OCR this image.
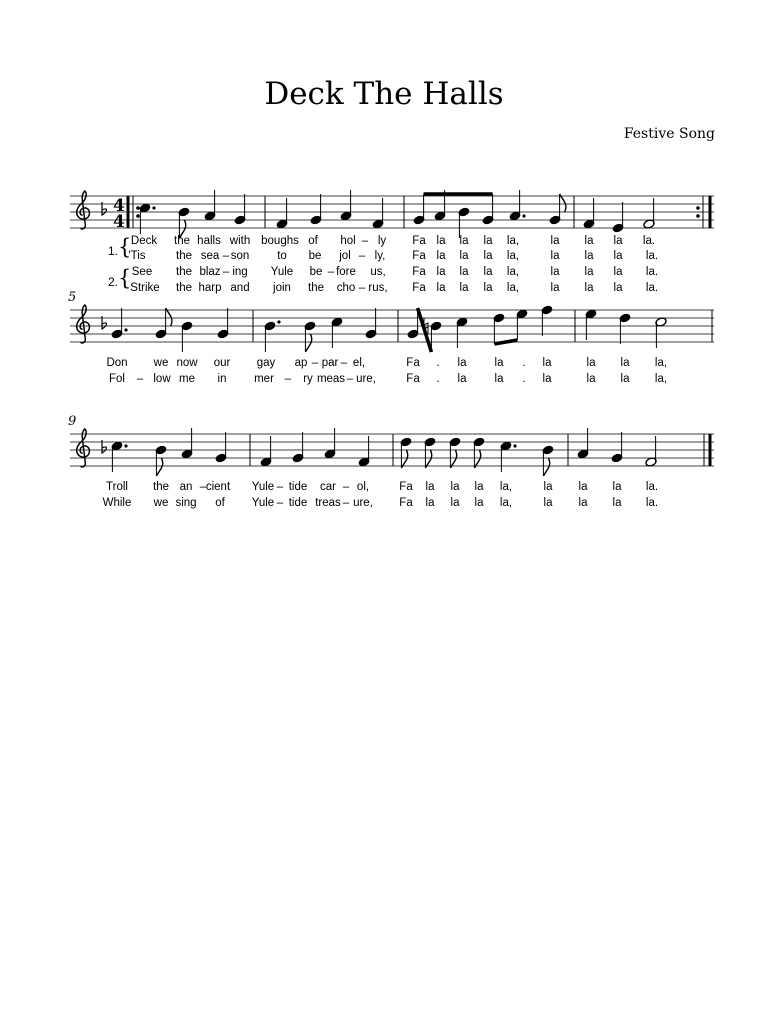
Deck The Halls
Festive Song
5
9
1. {
2. {
4
4
Deck the halls with boughs of hol – ly Fa la la la la,	la la la la.
'Tis	the sea – son to be jol – ly, Fa la la la la,	la la la la.
See the blaz – ing Yule be – fore us, Fa la la la la,	la la la la.
Strike the harp and join the cho – rus, Fa la la la la,	la la la la.
Don we now our gay ap – par – el,	Fa . la la . la	la la la,
Fol – low me in mer – ry meas – ure,	Fa . la la . la	la la la,
Troll the an – cient Yule – tide car – ol,	Fa la la la la,	la la la la.
While we sing of Yule – tide treas – ure, Fa la la la la,	la la la la.
